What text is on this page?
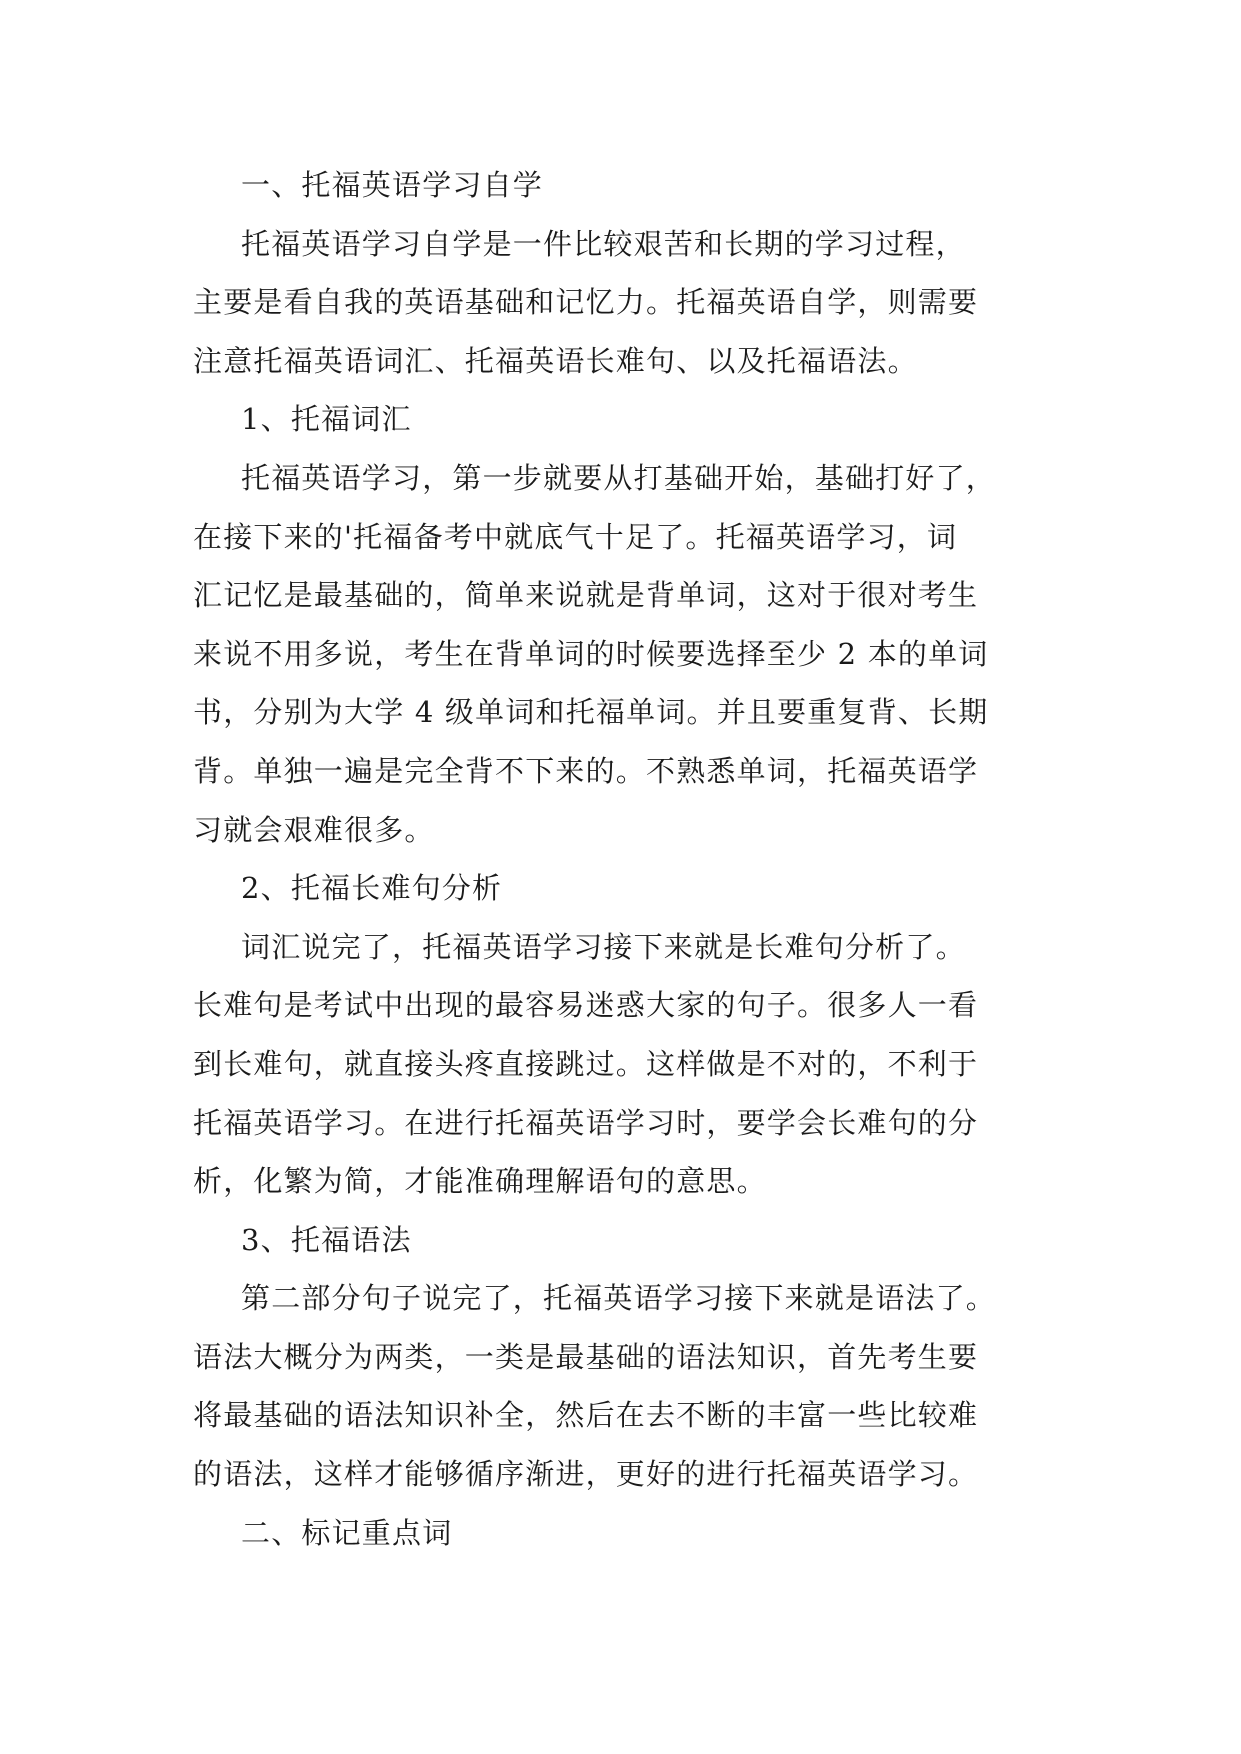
一、托福英语学习自学
托福英语学习自学是一件比较艰苦和长期的学习过程，
主要是看自我的英语基础和记忆力。托福英语自学，则需要
注意托福英语词汇、托福英语长难句、以及托福语法。
1、托福词汇
托福英语学习，第一步就要从打基础开始，基础打好了，
在接下来的'托福备考中就底气十足了。托福英语学习，词
汇记忆是最基础的，简单来说就是背单词，这对于很对考生
来说不用多说，考生在背单词的时候要选择至少 2 本的单词
书，分别为大学 4 级单词和托福单词。并且要重复背、长期
背。单独一遍是完全背不下来的。不熟悉单词，托福英语学
习就会艰难很多。
2、托福长难句分析
词汇说完了，托福英语学习接下来就是长难句分析了。
长难句是考试中出现的最容易迷惑大家的句子。很多人一看
到长难句，就直接头疼直接跳过。这样做是不对的，不利于
托福英语学习。在进行托福英语学习时，要学会长难句的分
析，化繁为简，才能准确理解语句的意思。
3、托福语法
第二部分句子说完了，托福英语学习接下来就是语法了。
语法大概分为两类，一类是最基础的语法知识，首先考生要
将最基础的语法知识补全，然后在去不断的丰富一些比较难
的语法，这样才能够循序渐进，更好的进行托福英语学习。
二、标记重点词
